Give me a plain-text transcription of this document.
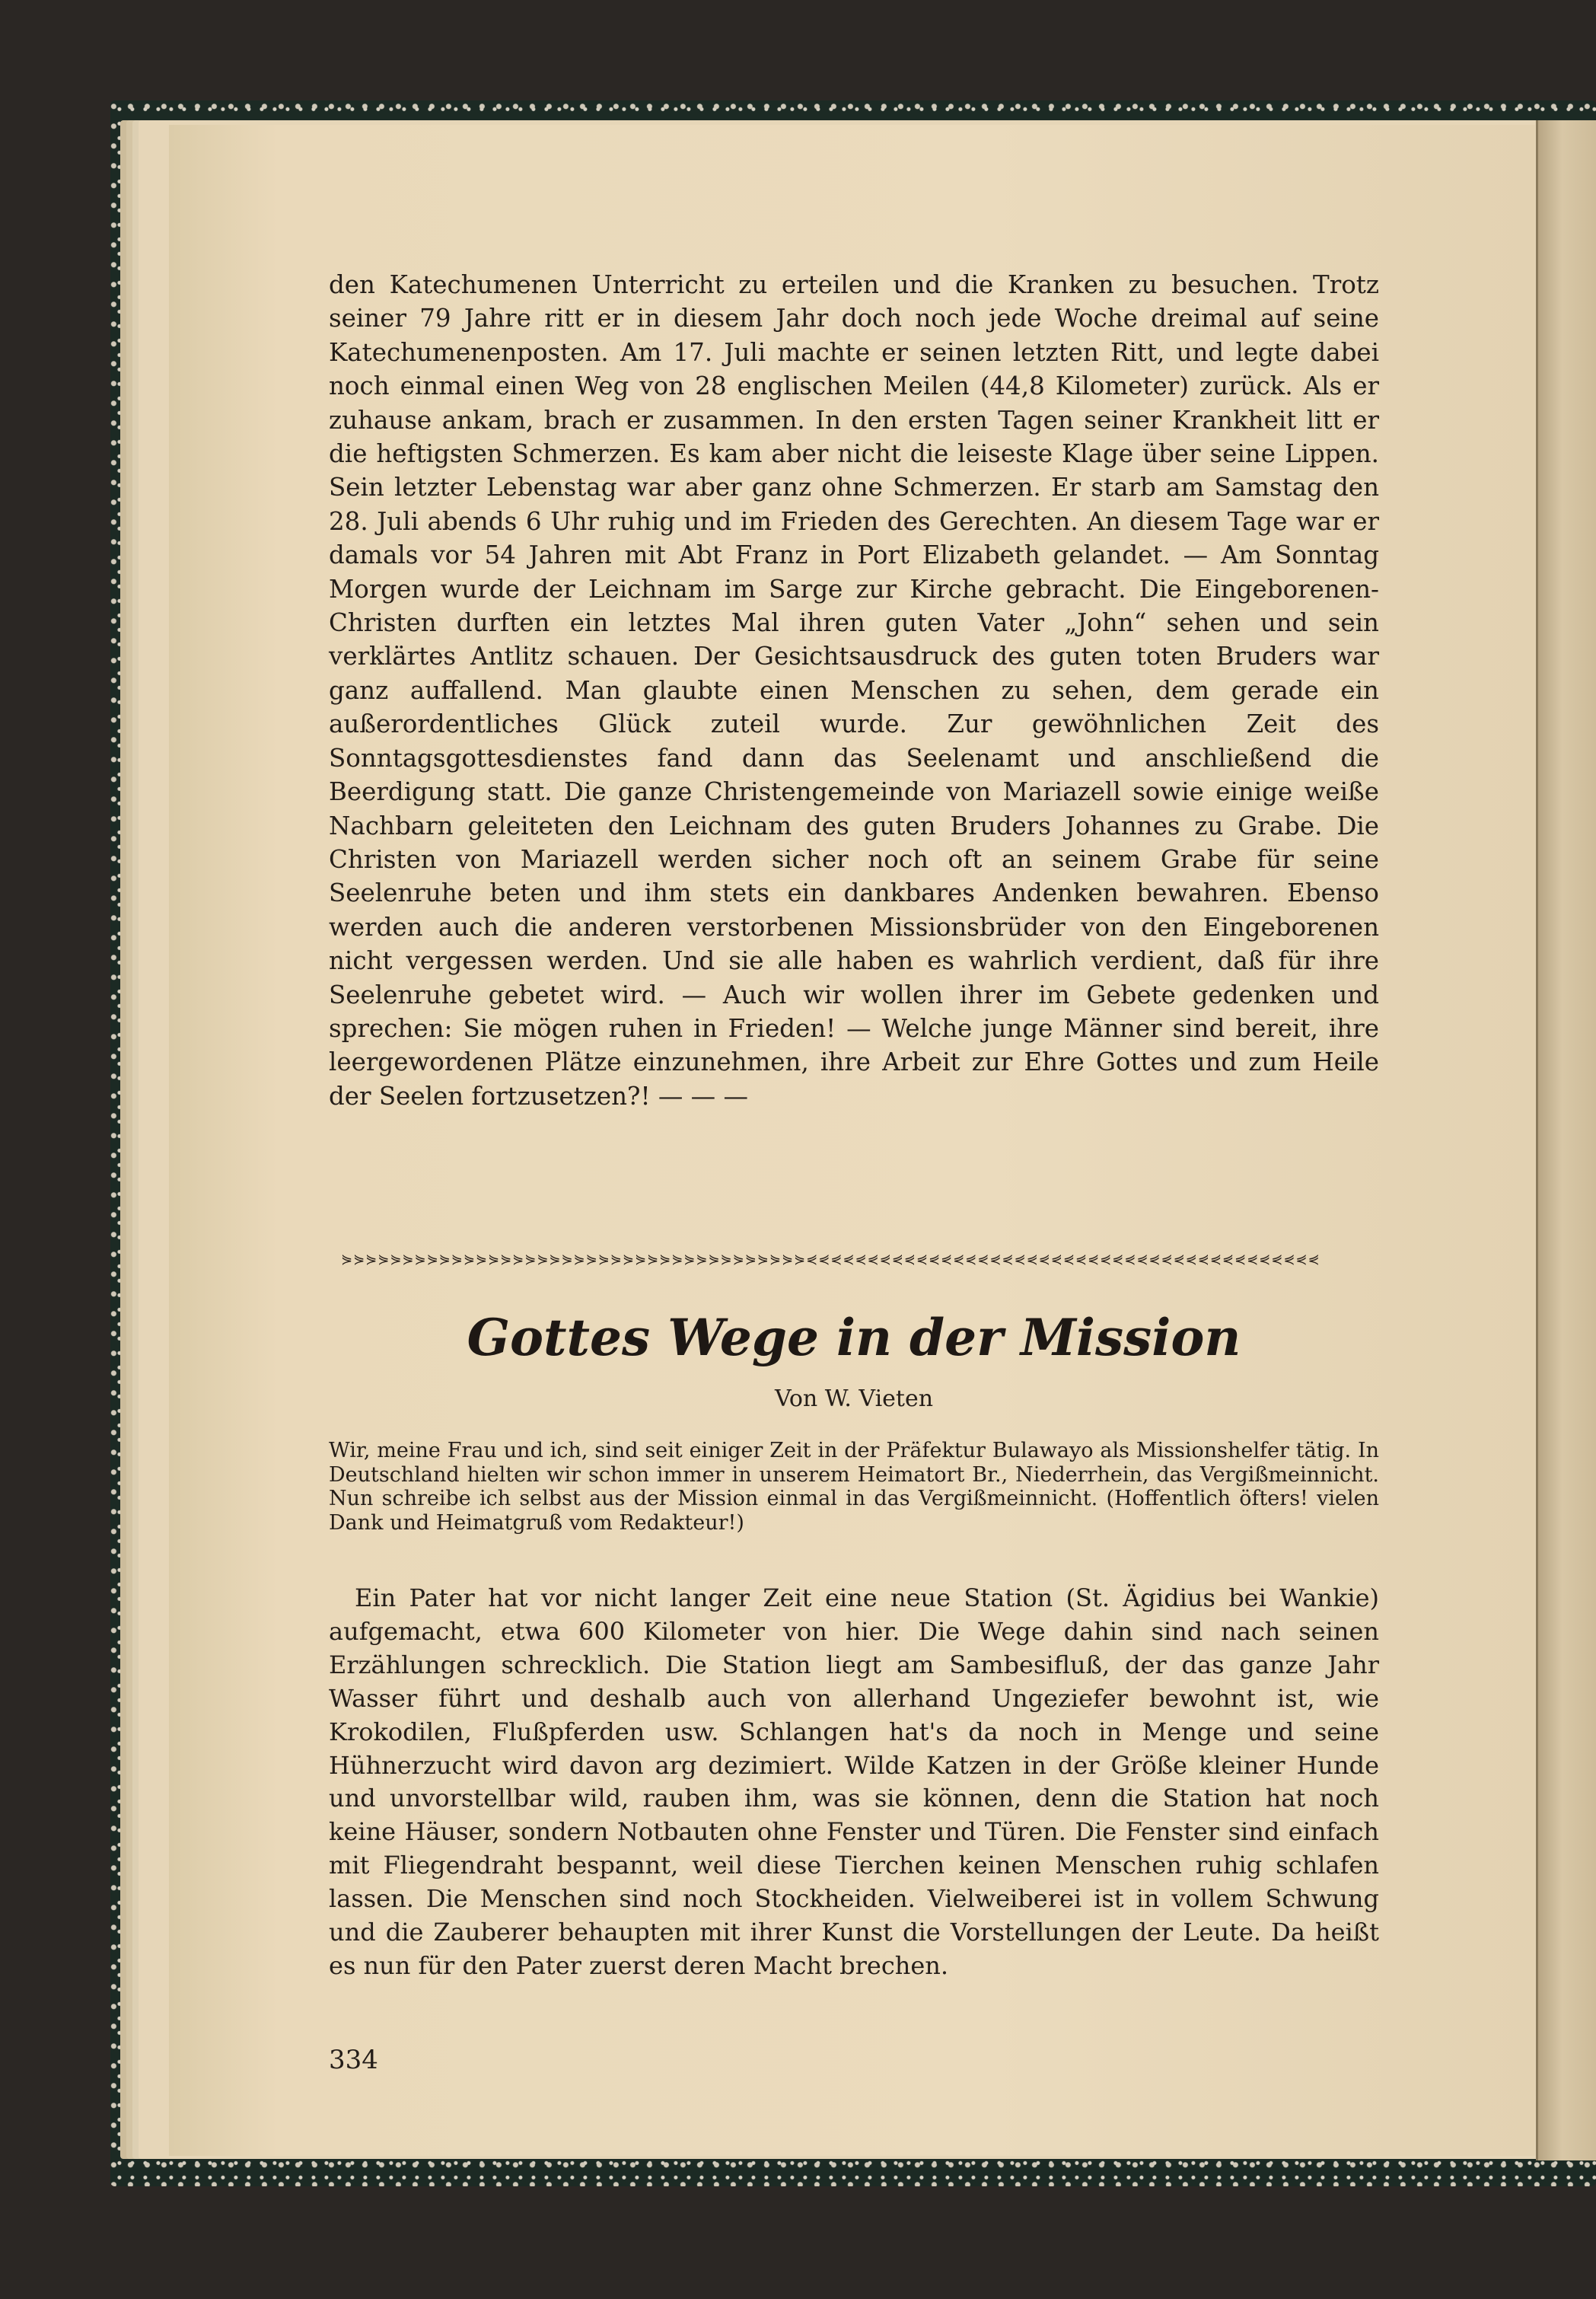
den Katechumenen Unterricht zu erteilen und die Kranken zu besuchen. Trotz seiner 79 Jahre ritt er in diesem Jahr doch noch jede Woche dreimal auf seine Katechumenenposten. Am 17. Juli machte er seinen letzten Ritt, und legte dabei noch einmal einen Weg von 28 englischen Meilen (44,8 Kilometer) zurück. Als er zuhause ankam, brach er zusammen. In den ersten Tagen seiner Krankheit litt er die heftigsten Schmerzen. Es kam aber nicht die leiseste Klage über seine Lippen. Sein letzter Lebenstag war aber ganz ohne Schmerzen. Er starb am Samstag den 28. Juli abends 6 Uhr ruhig und im Frieden des Gerechten. An diesem Tage war er damals vor 54 Jahren mit Abt Franz in Port Elizabeth gelandet. — Am Sonntag Morgen wurde der Leichnam im Sarge zur Kirche gebracht. Die Eingeborenen-Christen durften ein letztes Mal ihren guten Vater „John“ sehen und sein verklärtes Antlitz schauen. Der Gesichtsausdruck des guten toten Bruders war ganz auffallend. Man glaubte einen Menschen zu sehen, dem gerade ein außerordentliches Glück zuteil wurde. Zur gewöhnlichen Zeit des Sonntagsgottesdienstes fand dann das Seelenamt und anschließend die Beerdigung statt. Die ganze Christengemeinde von Mariazell sowie einige weiße Nachbarn geleiteten den Leichnam des guten Bruders Johannes zu Grabe. Die Christen von Mariazell werden sicher noch oft an seinem Grabe für seine Seelenruhe beten und ihm stets ein dankbares Andenken bewahren. Ebenso werden auch die anderen verstorbenen Missionsbrüder von den Eingeborenen nicht vergessen werden. Und sie alle haben es wahrlich verdient, daß für ihre Seelenruhe gebetet wird. — Auch wir wollen ihrer im Gebete gedenken und sprechen: Sie mögen ruhen in Frieden! — Welche junge Männer sind bereit, ihre leergewordenen Plätze einzunehmen, ihre Arbeit zur Ehre Gottes und zum Heile der Seelen fortzusetzen?! — — —

⋟⋟⋟⋟⋟⋟⋟⋟⋟⋟⋟⋟⋟⋟⋟⋟⋟⋟⋟⋟⋟⋟⋟⋟⋟⋟⋟⋟⋟⋟⋟⋟⋟⋟⋟⋟⋟⋟⋞⋞⋞⋞⋞⋞⋞⋞⋞⋞⋞⋞⋞⋞⋞⋞⋞⋞⋞⋞⋞⋞⋞⋞⋞⋞⋞⋞⋞⋞⋞⋞⋞⋞⋞⋞⋞⋞⋞⋞⋞⋞
Gottes Wege in der Mission

Von W. Vieten

Wir, meine Frau und ich, sind seit einiger Zeit in der Präfektur Bulawayo als Missionshelfer tätig. In Deutschland hielten wir schon immer in unserem Heimatort Br., Niederrhein, das Vergißmeinnicht. Nun schreibe ich selbst aus der Mission einmal in das Vergißmeinnicht. (Hoffentlich öfters! vielen Dank und Heimatgruß vom Redakteur!)

Ein Pater hat vor nicht langer Zeit eine neue Station (St. Ägidius bei Wankie) aufgemacht, etwa 600 Kilometer von hier. Die Wege dahin sind nach seinen Erzählungen schrecklich. Die Station liegt am Sambesifluß, der das ganze Jahr Wasser führt und deshalb auch von allerhand Ungeziefer bewohnt ist, wie Krokodilen, Flußpferden usw. Schlangen hat's da noch in Menge und seine Hühnerzucht wird davon arg dezimiert. Wilde Katzen in der Größe kleiner Hunde und unvorstellbar wild, rauben ihm, was sie können, denn die Station hat noch keine Häuser, sondern Notbauten ohne Fenster und Türen. Die Fenster sind einfach mit Fliegendraht bespannt, weil diese Tierchen keinen Menschen ruhig schlafen lassen. Die Menschen sind noch Stockheiden. Vielweiberei ist in vollem Schwung und die Zauberer behaupten mit ihrer Kunst die Vorstellungen der Leute. Da heißt es nun für den Pater zuerst deren Macht brechen.

334
